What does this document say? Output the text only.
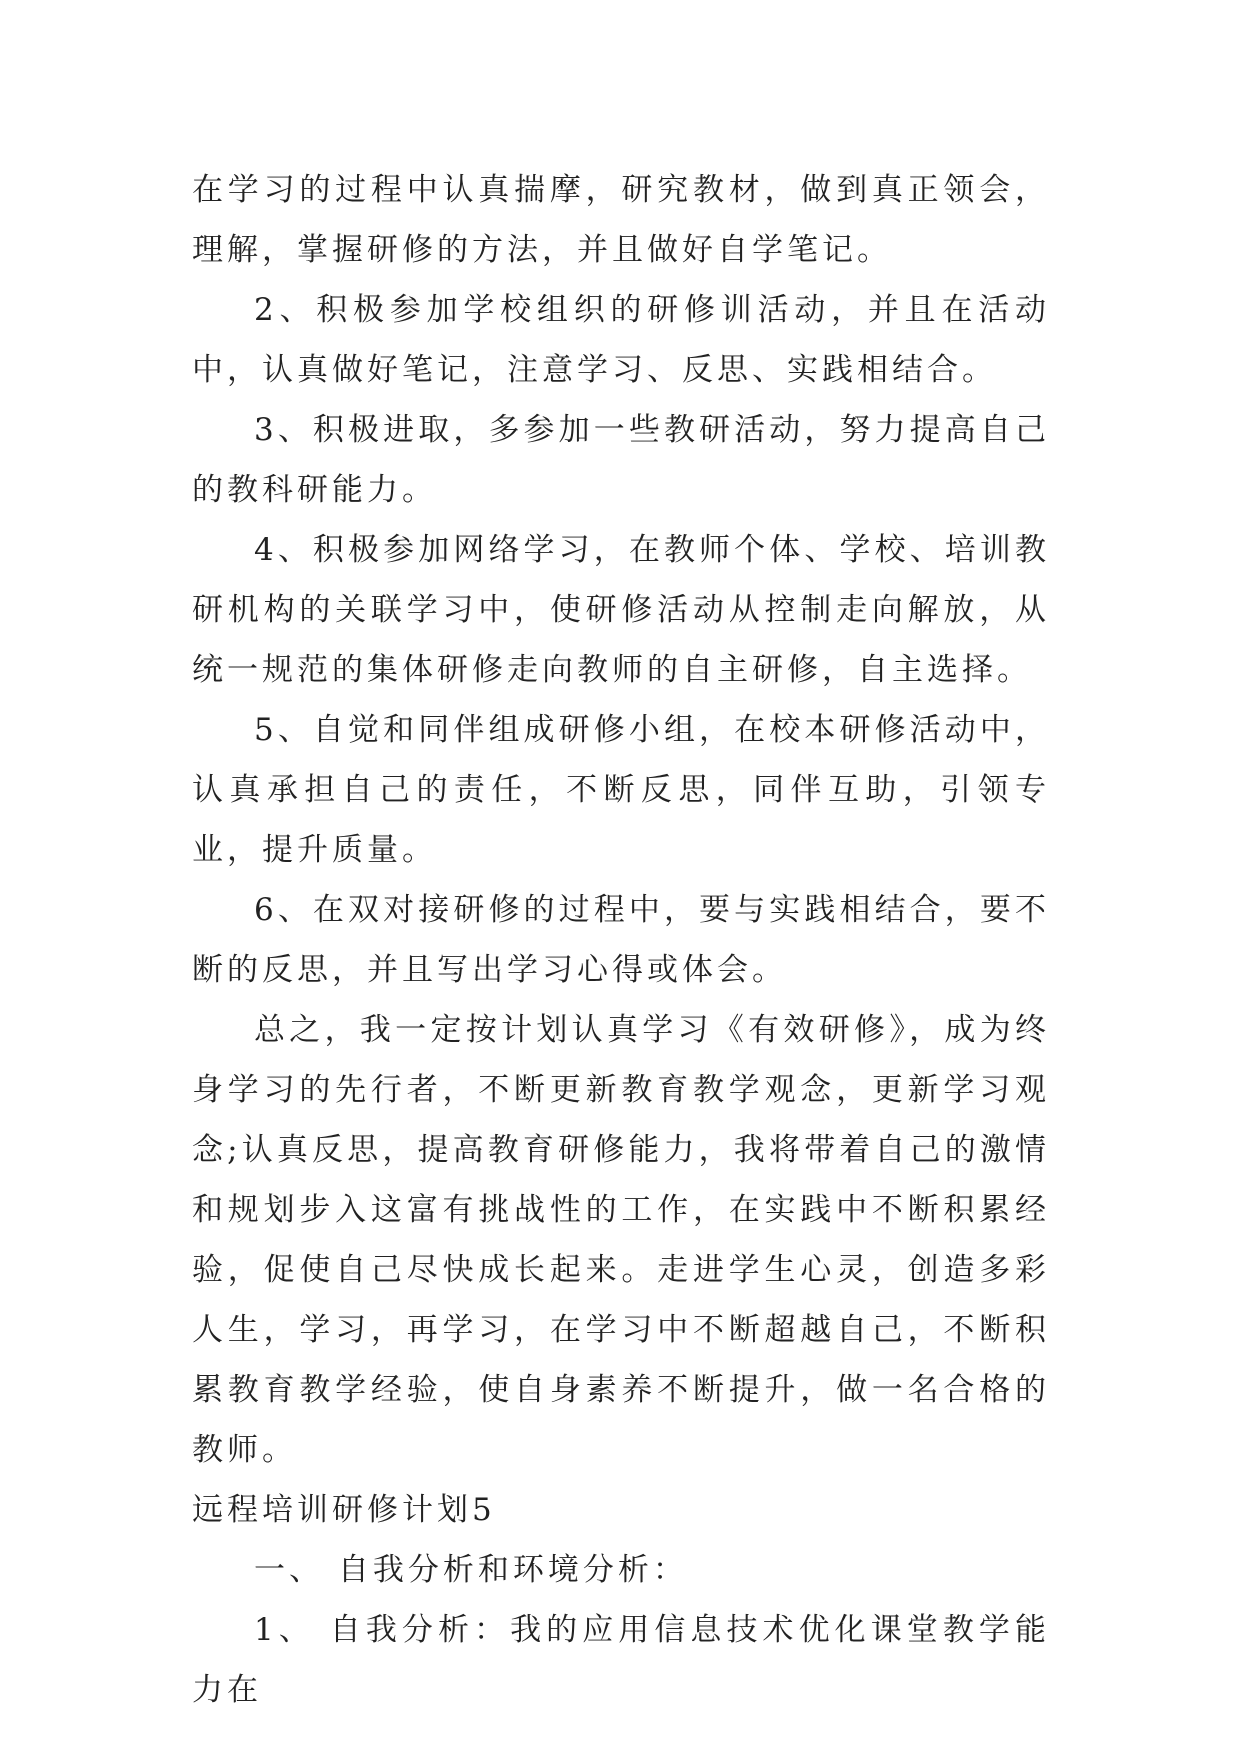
在学习的过程中认真揣摩，研究教材，做到真正领会，理解，掌握研修的方法，并且做好自学笔记。

2、积极参加学校组织的研修训活动，并且在活动中，认真做好笔记，注意学习、反思、实践相结合。

3、积极进取，多参加一些教研活动，努力提高自己的教科研能力。

4、积极参加网络学习，在教师个体、学校、培训教研机构的关联学习中，使研修活动从控制走向解放，从统一规范的集体研修走向教师的自主研修，自主选择。

5、自觉和同伴组成研修小组，在校本研修活动中，认真承担自己的责任，不断反思，同伴互助，引领专业，提升质量。

6、在双对接研修的过程中，要与实践相结合，要不断的反思，并且写出学习心得或体会。

总之，我一定按计划认真学习《有效研修》，成为终身学习的先行者，不断更新教育教学观念，更新学习观念;认真反思，提高教育研修能力，我将带着自己的激情和规划步入这富有挑战性的工作，在实践中不断积累经验，促使自己尽快成长起来。走进学生心灵，创造多彩人生，学习，再学习，在学习中不断超越自己，不断积累教育教学经验，使自身素养不断提升，做一名合格的教师。

远程培训研修计划5

一、 自我分析和环境分析：

1、 自我分析：我的应用信息技术优化课堂教学能力在
